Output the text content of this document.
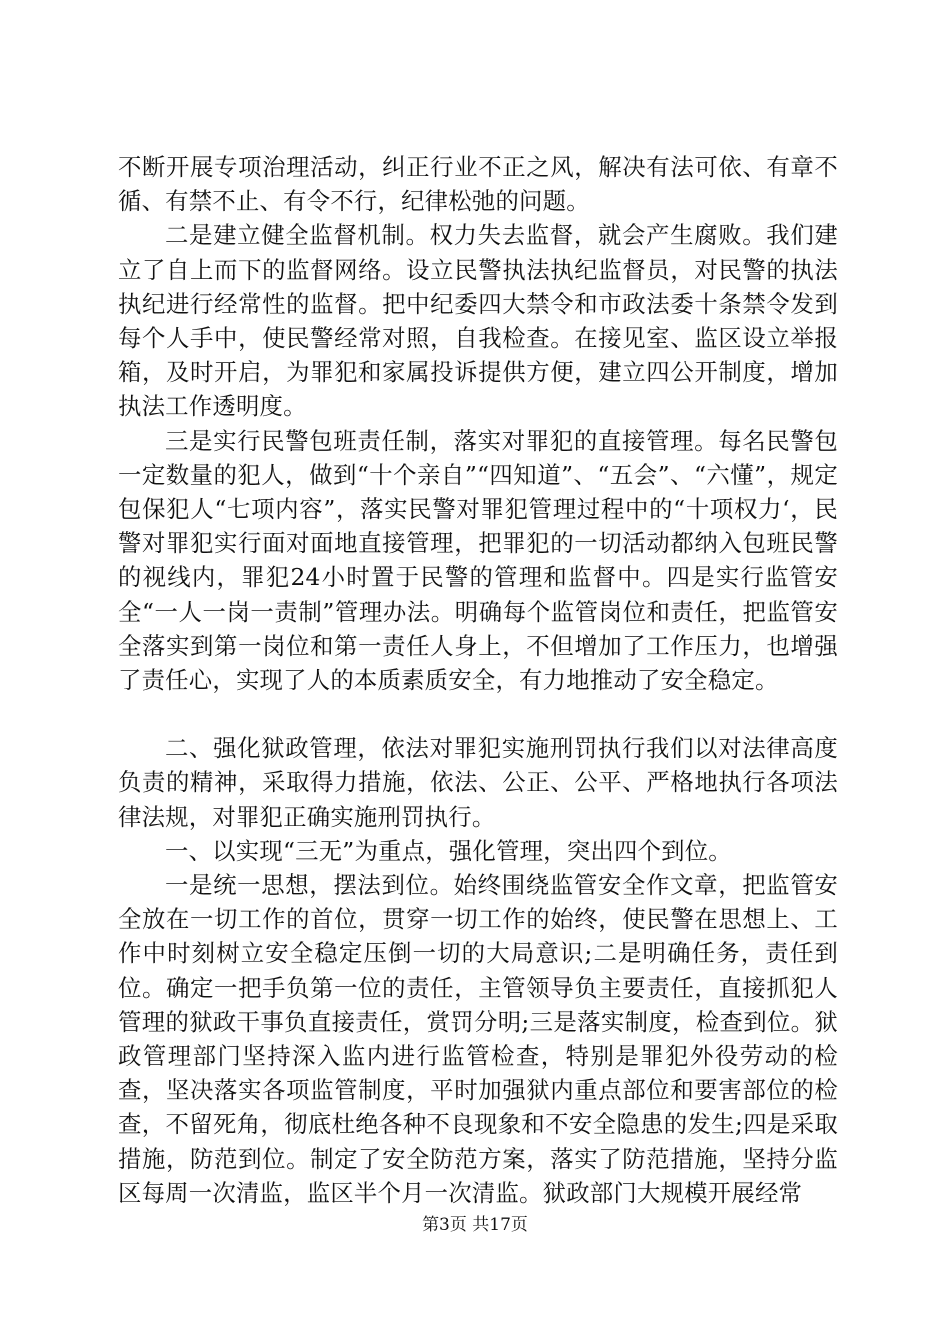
不断开展专项治理活动，纠正行业不正之风，解决有法可依、有章不循、有禁不止、有令不行，纪律松弛的问题。

二是建立健全监督机制。权力失去监督，就会产生腐败。我们建立了自上而下的监督网络。设立民警执法执纪监督员，对民警的执法执纪进行经常性的监督。把中纪委四大禁令和市政法委十条禁令发到每个人手中，使民警经常对照，自我检查。在接见室、监区设立举报箱，及时开启，为罪犯和家属投诉提供方便，建立四公开制度，增加执法工作透明度。

三是实行民警包班责任制，落实对罪犯的直接管理。每名民警包一定数量的犯人，做到“十个亲自”“四知道”、“五会”、“六懂”，规定包保犯人“七项内容”，落实民警对罪犯管理过程中的“十项权力‘，民警对罪犯实行面对面地直接管理，把罪犯的一切活动都纳入包班民警的视线内，罪犯24小时置于民警的管理和监督中。四是实行监管安全“一人一岗一责制”管理办法。明确每个监管岗位和责任，把监管安全落实到第一岗位和第一责任人身上，不但增加了工作压力，也增强了责任心，实现了人的本质素质安全，有力地推动了安全稳定。

二、强化狱政管理，依法对罪犯实施刑罚执行我们以对法律高度负责的精神，采取得力措施，依法、公正、公平、严格地执行各项法律法规，对罪犯正确实施刑罚执行。

一、以实现“三无”为重点，强化管理，突出四个到位。

一是统一思想，摆法到位。始终围绕监管安全作文章，把监管安全放在一切工作的首位，贯穿一切工作的始终，使民警在思想上、工作中时刻树立安全稳定压倒一切的大局意识;二是明确任务，责任到位。确定一把手负第一位的责任，主管领导负主要责任，直接抓犯人管理的狱政干事负直接责任，赏罚分明;三是落实制度，检查到位。狱政管理部门坚持深入监内进行监管检查，特别是罪犯外役劳动的检查，坚决落实各项监管制度，平时加强狱内重点部位和要害部位的检查，不留死角，彻底杜绝各种不良现象和不安全隐患的发生;四是采取措施，防范到位。制定了安全防范方案，落实了防范措施，坚持分监区每周一次清监，监区半个月一次清监。狱政部门大规模开展经常

第3页 共17页
